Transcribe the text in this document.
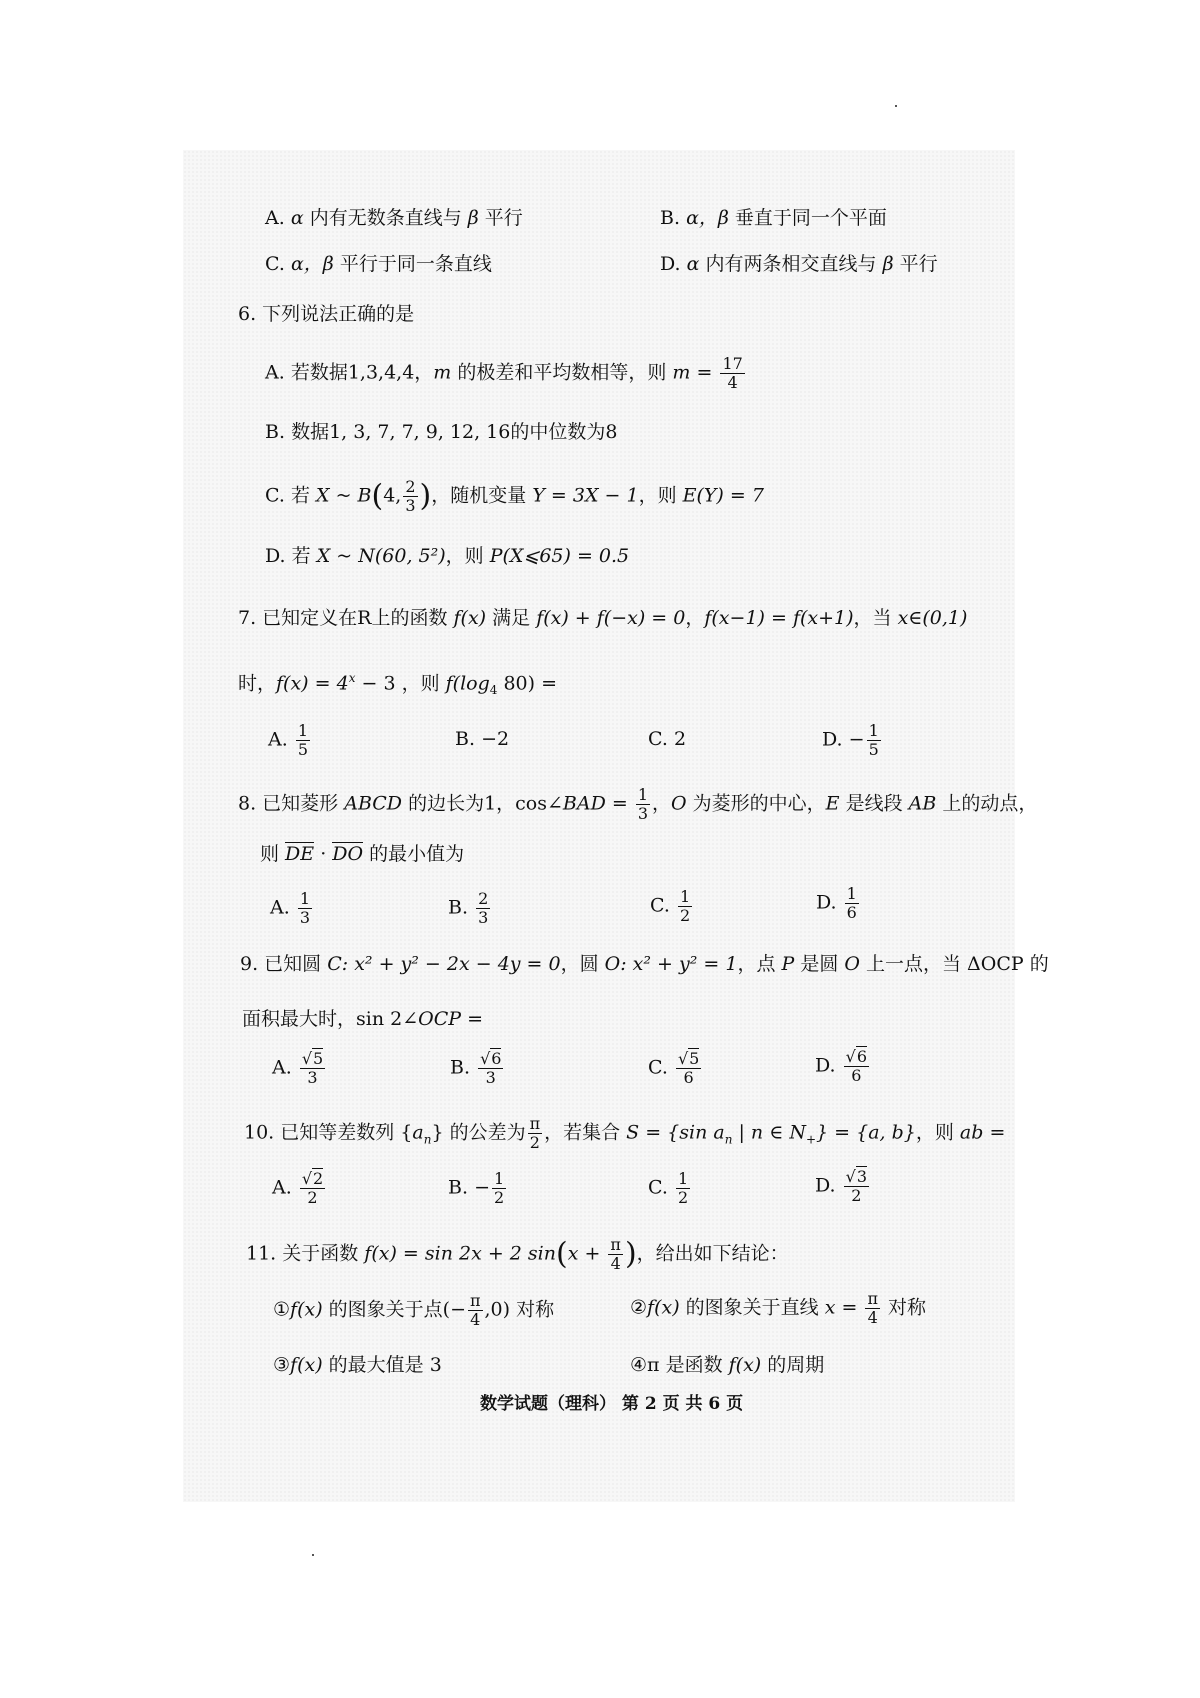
A. α 内有无数条直线与 β 平行	B. α，β 垂直于同一个平面
C. α，β 平行于同一条直线	D. α 内有两条相交直线与 β 平行
6. 下列说法正确的是
A. 若数据1,3,4,4，m 的极差和平均数相等，则 $m = \frac{17}{4}$
B. 数据1, 3, 7, 7, 9, 12, 16的中位数为8
C. 若 X ~ B(4, $\frac{2}{3}$ )，随机变量 Y = 3X − 1，则 E(Y) = 7
D. 若 X ~ N(60, 5²)，则 P(X⩽65) = 0.5
7. 已知定义在R上的函数 f(x) 满足 f(x) + f(−x) = 0，f(x−1) = f(x+1)，当 x∈(0,1)
时，$f(x) = 4^x - 3$ ，则 $f(\log_4$ 80) =
A. $\frac{1}{5}$	B. −2	C. 2	D. − $\frac{1}{5}$
8. 已知菱形 ABCD 的边长为1，cos∠BAD = $\frac{1}{3}$ ，O 为菱形的中心，E 是线段 AB 上的动点，
则 DE · DO 的最小值为
A. $\frac{1}{3}$	B. $\frac{2}{3}$	C. $\frac{1}{2}$	D. $\frac{1}{6}$
9. 已知圆 C: x² + y² − 2x − 4y = 0，圆 O: x² + y² = 1，点 P 是圆 O 上一点，当 ΔOCP 的
面积最大时，sin 2∠OCP =
A. $\frac{√5}{3}$	B. $\frac{√6}{3}$	C. $\frac{√5}{6}$	D. $\frac{√6}{6}$
10. 已知等差数列 $\{a_n\}$ 的公差为 $\frac{\pi}{2}$ ，若集合 S = {sin $a_n$ | n ∈ $N_+\} = \{a$, b}，则 ab =
A. $\frac{√2}{2}$	B. − $\frac{1}{2}$	C. $\frac{1}{2}$	D. $\frac{√3}{2}$
11. 关于函数 f(x) = sin 2x + 2 $\sin(x + \frac{\pi}{4}$ )，给出如下结论：
①f(x) 的图象关于点(− $\frac{\pi}{4} ,0$) 对称	②f(x) 的图象关于直线 $x = \frac{\pi}{4}$ 对称
③f(x) 的最大值是 3	④π 是函数 f(x) 的周期
数学试题（理科） 第 2 页 共 6 页
